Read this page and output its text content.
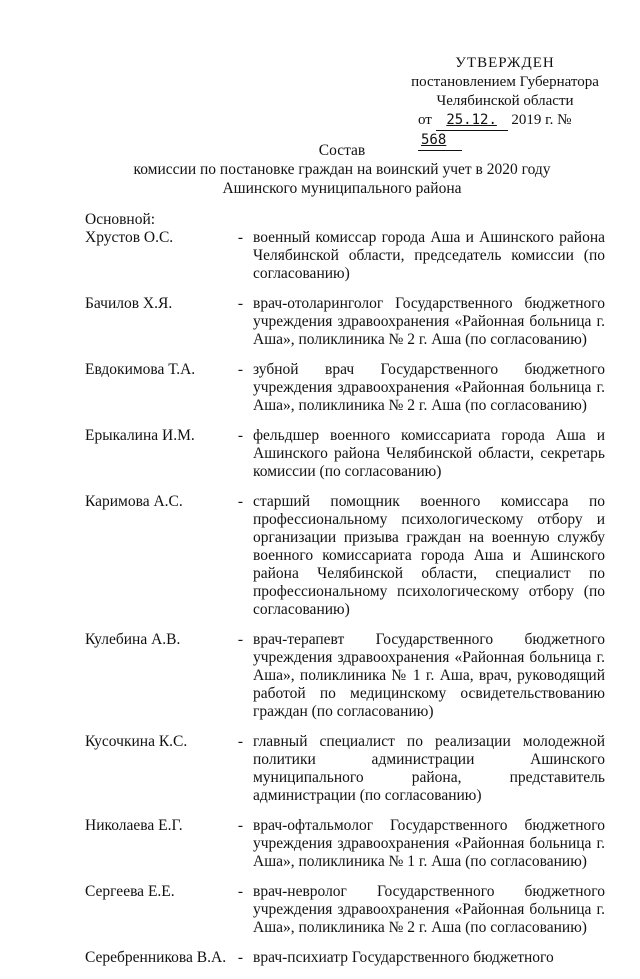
УТВЕРЖДЕН
постановлением Губернатора
Челябинской области
от 25.12. 2019 г. № 568
Состав
комиссии по постановке граждан на воинский учет в 2020 году
Ашинского муниципального района
Основной:
Хрустов О.С.	- военный комиссар города Аша и Ашинского района Челябинской области, председатель комиссии (по согласованию)
Бачилов Х.Я.	- врач-отоларинголог Государственного бюджетного учреждения здравоохранения «Районная больница г. Аша», поликлиника № 2 г. Аша (по согласованию)
Евдокимова Т.А.	- зубной врач Государственного бюджетного учреждения здравоохранения «Районная больница г. Аша», поликлиника № 2 г. Аша (по согласованию)
Ерыкалина И.М.	- фельдшер военного комиссариата города Аша и Ашинского района Челябинской области, секретарь комиссии (по согласованию)
Каримова А.С.	- старший помощник военного комиссара по профессиональному психологическому отбору и организации призыва граждан на военную службу военного комиссариата города Аша и Ашинского района Челябинской области, специалист по профессиональному психологическому отбору (по согласованию)
Кулебина А.В.	- врач-терапевт Государственного бюджетного учреждения здравоохранения «Районная больница г. Аша», поликлиника № 1 г. Аша, врач, руководящий работой по медицинскому освидетельствованию граждан (по согласованию)
Кусочкина К.С.	- главный специалист по реализации молодежной политики администрации Ашинского муниципального района, представитель администрации (по согласованию)
Николаева Е.Г.	- врач-офтальмолог Государственного бюджетного учреждения здравоохранения «Районная больница г. Аша», поликлиника № 1 г. Аша (по согласованию)
Сергеева Е.Е.	- врач-невролог Государственного бюджетного учреждения здравоохранения «Районная больница г. Аша», поликлиника № 2 г. Аша (по согласованию)
Серебренникова В.А. - врач-психиатр Государственного бюджетного
